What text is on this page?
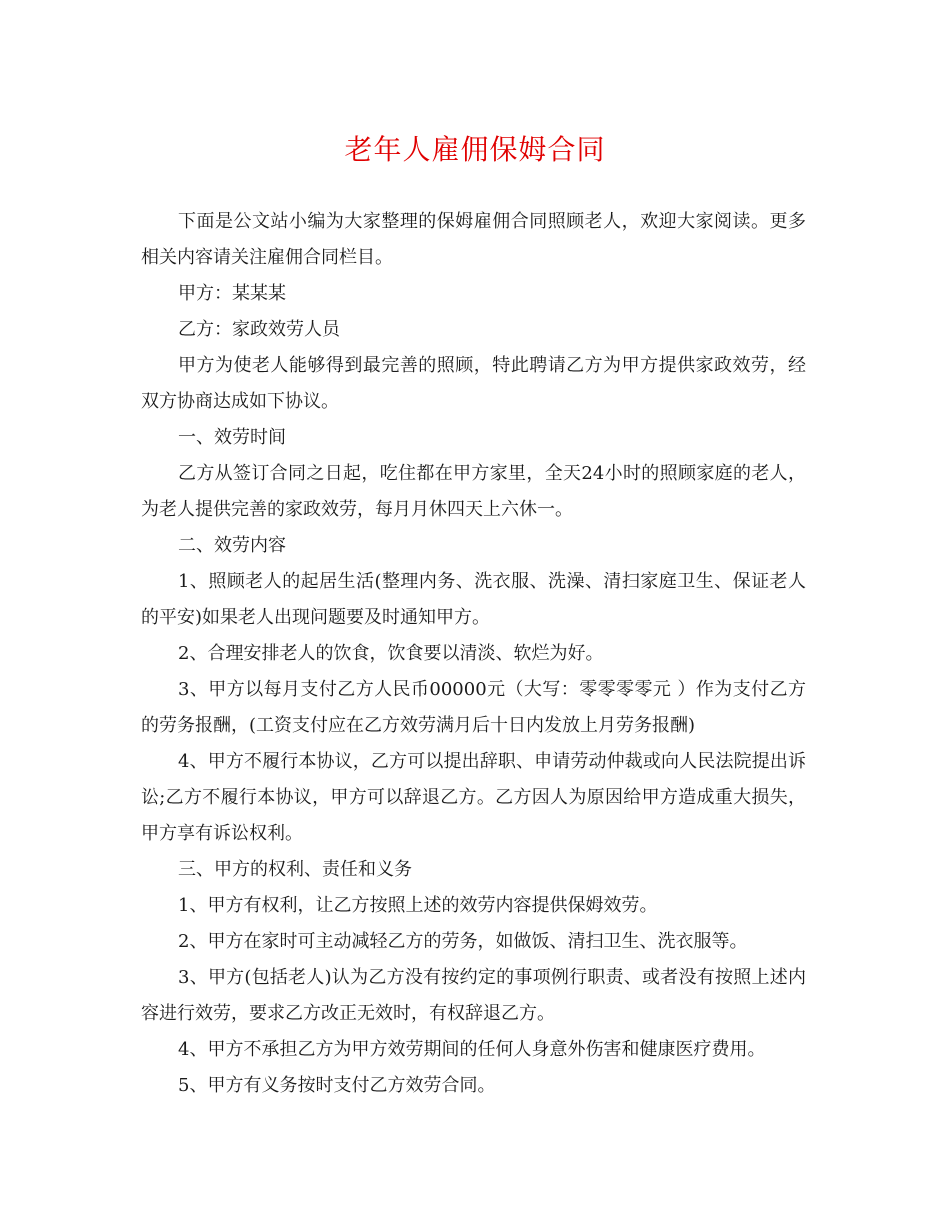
老年人雇佣保姆合同

下面是公文站小编为大家整理的保姆雇佣合同照顾老人，欢迎大家阅读。更多相关内容请关注雇佣合同栏目。

甲方：某某某

乙方：家政效劳人员

甲方为使老人能够得到最完善的照顾，特此聘请乙方为甲方提供家政效劳，经双方协商达成如下协议。

一、效劳时间

乙方从签订合同之日起，吃住都在甲方家里，全天24小时的照顾家庭的老人，为老人提供完善的家政效劳，每月月休四天上六休一。

二、效劳内容

1、照顾老人的起居生活(整理内务、洗衣服、洗澡、清扫家庭卫生、保证老人的平安)如果老人出现问题要及时通知甲方。

2、合理安排老人的饮食，饮食要以清淡、软烂为好。

3、甲方以每月支付乙方人民币00000元（大写：零零零零元 ）作为支付乙方的劳务报酬，(工资支付应在乙方效劳满月后十日内发放上月劳务报酬)

4、甲方不履行本协议，乙方可以提出辞职、申请劳动仲裁或向人民法院提出诉讼;乙方不履行本协议，甲方可以辞退乙方。乙方因人为原因给甲方造成重大损失，甲方享有诉讼权利。

三、甲方的权利、责任和义务

1、甲方有权利，让乙方按照上述的效劳内容提供保姆效劳。

2、甲方在家时可主动减轻乙方的劳务，如做饭、清扫卫生、洗衣服等。

3、甲方(包括老人)认为乙方没有按约定的事项例行职责、或者没有按照上述内容进行效劳，要求乙方改正无效时，有权辞退乙方。

4、甲方不承担乙方为甲方效劳期间的任何人身意外伤害和健康医疗费用。

5、甲方有义务按时支付乙方效劳合同。
